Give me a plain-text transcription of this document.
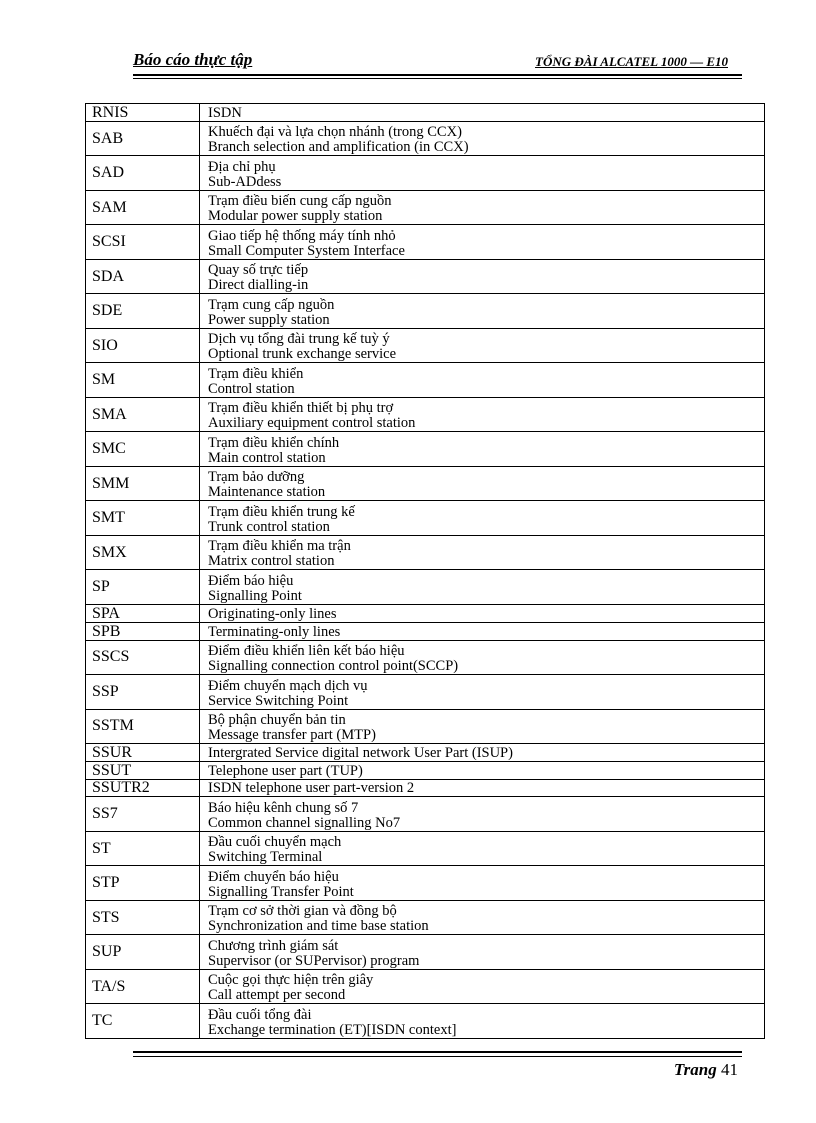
Báo cáo thực tập	TỔNG ĐÀI ALCATEL 1000 — E10
RNIS	ISDN
SAB	Khuếch đại và lựa chọn nhánh (trong CCX)
Branch selection and amplification (in CCX)
SAD	Địa chỉ phụ
Sub-ADdess
SAM	Trạm điều biến cung cấp nguồn
Modular power supply station
SCSI	Giao tiếp hệ thống máy tính nhỏ
Small Computer System Interface
SDA	Quay số trực tiếp
Direct dialling-in
SDE	Trạm cung cấp nguồn
Power supply station
SIO	Dịch vụ tổng đài trung kế tuỳ ý
Optional trunk exchange service
SM	Trạm điều khiển
Control station
SMA	Trạm điều khiển thiết bị phụ trợ
Auxiliary equipment control station
SMC	Trạm điều khiển chính
Main control station
SMM	Trạm bảo dưỡng
Maintenance station
SMT	Trạm điều khiển trung kế
Trunk control station
SMX	Trạm điều khiển ma trận
Matrix control station
SP	Điểm báo hiệu
Signalling Point
SPA	Originating-only lines
SPB	Terminating-only lines
SSCS	Điểm điều khiển liên kết báo hiệu
Signalling connection control point(SCCP)
SSP	Điểm chuyển mạch dịch vụ
Service Switching Point
SSTM	Bộ phận chuyển bản tin
Message transfer part (MTP)
SSUR	Intergrated Service digital network User Part (ISUP)
SSUT	Telephone user part (TUP)
SSUTR2	ISDN telephone user part-version 2
SS7	Báo hiệu kênh chung số 7
Common channel signalling No7
ST	Đầu cuối chuyển mạch
Switching Terminal
STP	Điểm chuyển báo hiệu
Signalling Transfer Point
STS	Trạm cơ sở thời gian và đồng bộ
Synchronization and time base station
SUP	Chương trình giám sát
Supervisor (or SUPervisor) program
TA/S	Cuộc gọi thực hiện trên giây
Call attempt per second
TC	Đầu cuối tổng đài
Exchange termination (ET)[ISDN context]
Trang 41
